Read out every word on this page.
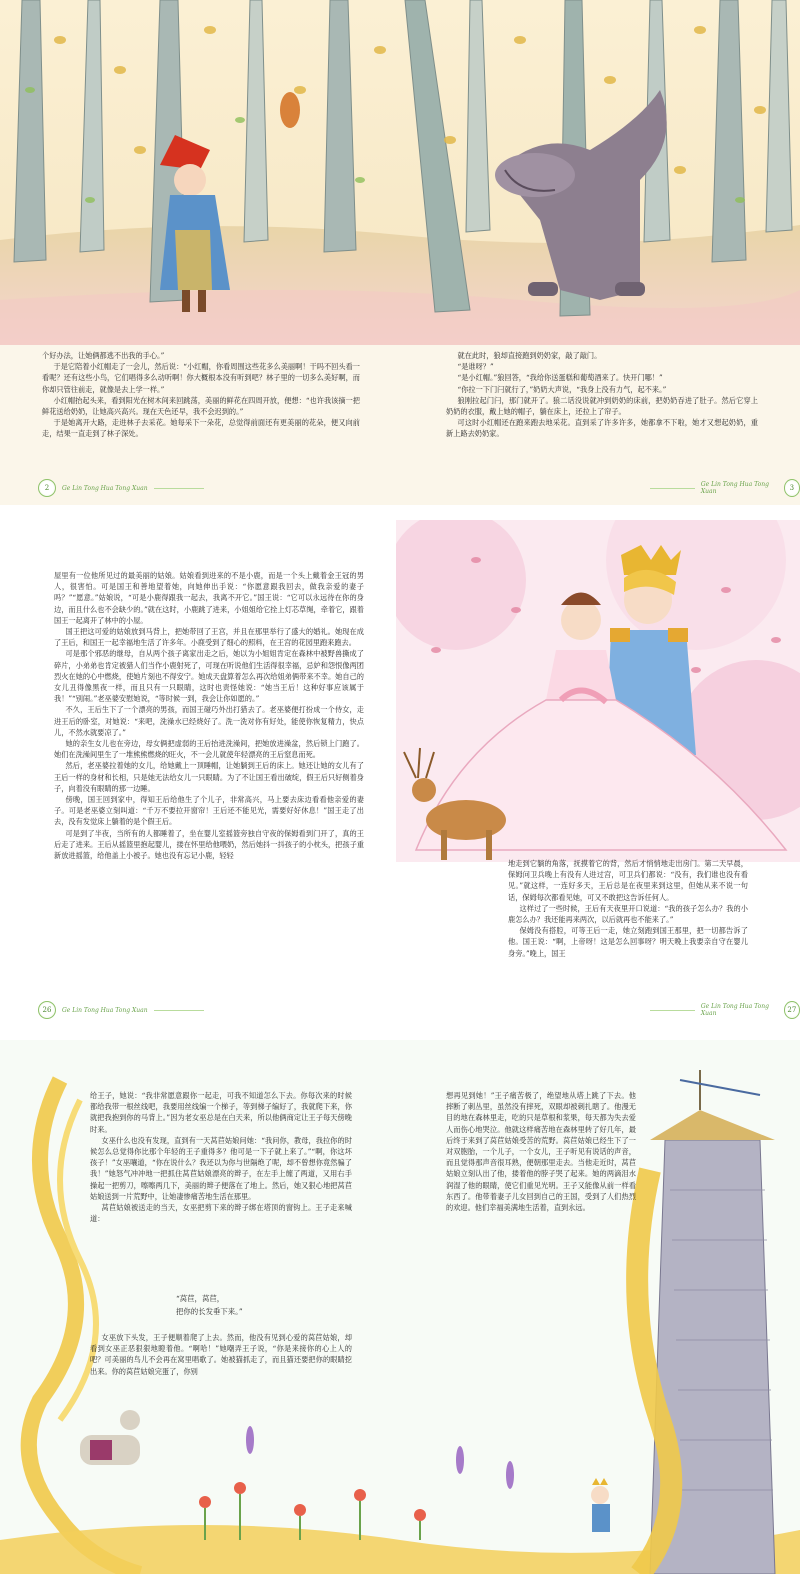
个好办法，让她俩都逃不出我的手心。”

于是它陪着小红帽走了一会儿，然后说：“小红帽，你看周围这些花多么美丽啊！干吗不回头看一看呢？还有这些小鸟，它们唱得多么动听啊！你大概根本没有听到吧？林子里的一切多么美好啊，而你却只管往前走，就像是去上学一样。”

小红帽抬起头来，看到阳光在树木间来回跳荡，美丽的鲜花在四周开放，便想：“也许我该摘一把鲜花送给奶奶，让她高兴高兴。现在天色还早，我不会迟到的。”

于是她离开大路，走进林子去采花。她每采下一朵花，总觉得前面还有更美丽的花朵，便又向前走，结果一直走到了林子深处。

就在此时，狼却直接跑到奶奶家，敲了敲门。

“是谁呀？”

“是小红帽。”狼回答，“我给你送蛋糕和葡萄酒来了。快开门哪！”

“你拉一下门闩就行了，”奶奶大声说，“我身上没有力气，起不来。”

狼刚拉起门闩，那门就开了。狼二话没说就冲到奶奶的床前，把奶奶吞进了肚子。然后它穿上奶奶的衣服，戴上她的帽子，躺在床上，还拉上了帘子。

可这时小红帽还在跑来跑去地采花。直到采了许多许多，她都拿不下啦，她才又想起奶奶，重新上路去奶奶家。

2	Ge Lin Tong Hua Tong Xuan	Ge Lin Tong Hua Tong Xuan	3

屋里有一位他所见过的最美丽的姑娘。姑娘看到进来的不是小鹿，而是一个头上戴着金王冠的男人，很害怕。可是国王和善地望着她，向她伸出手说：“你愿意跟我回去，做我亲爱的妻子吗？”“愿意。”姑娘说，“可是小鹿得跟我一起去，我离不开它。”国王说：“它可以永远待在你的身边，而且什么也不会缺少的。”就在这时，小鹿跳了进来，小姐姐给它拴上灯芯草绳，牵着它，跟着国王一起离开了林中的小屋。

国王把这可爱的姑娘放到马背上，把她带回了王宫，并且在那里举行了盛大的婚礼。她现在成了王后，和国王一起幸福地生活了许多年。小鹿受到了细心的照料，在王宫的花园里跑来跑去。

可是那个邪恶的继母，自从两个孩子离家出走之后，她以为小姐姐肯定在森林中被野兽撕成了碎片，小弟弟也肯定被猎人们当作小鹿射死了，可现在听说他们生活得很幸福，忌妒和怨恨像两团烈火在她的心中燃烧，使她片刻也不得安宁。她成天盘算着怎么再次给姐弟俩带来不幸。她自己的女儿丑得像黑夜一样，而且只有一只眼睛，这时也责怪她说：“她当王后！这种好事应该属于我！”“别闹。”老巫婆安慰她说，“等时候一到，我会让你如愿的。”

不久，王后生下了一个漂亮的男孩，而国王碰巧外出打猎去了。老巫婆便打扮成一个侍女，走进王后的卧室，对她说：“来吧，洗澡水已经烧好了。洗一洗对你有好处，能使你恢复精力，快点儿，不然水就要凉了。”

她的亲生女儿也在旁边，母女俩把虚弱的王后抬进洗澡间，把她放进澡盆，然后锁上门跑了。她们在洗澡间里生了一堆熊熊燃烧的旺火，不一会儿就使年轻漂亮的王后窒息而死。

然后，老巫婆拉着她的女儿，给她戴上一顶睡帽，让她躺到王后的床上。她还让她的女儿有了王后一样的身材和长相，只是她无法给女儿一只眼睛。为了不让国王看出破绽，假王后只好侧着身子，向着没有眼睛的那一边睡。

傍晚，国王回到家中，得知王后给他生了个儿子，非常高兴，马上要去床边看看他亲爱的妻子。可是老巫婆立刻叫道：“千万不要拉开窗帘！王后还不能见光，需要好好休息！”国王走了出去，没有发觉床上躺着的是个假王后。

可是到了半夜，当所有的人都睡着了，坐在婴儿室摇篮旁独自守夜的保姆看到门开了，真的王后走了进来。王后从摇篮里抱起婴儿，搂在怀里给他喂奶，然后她抖一抖孩子的小枕头，把孩子重新放进摇篮，给他盖上小被子。她也没有忘记小鹿，轻轻

地走到它躺的角落，抚摸着它的背，然后才悄悄地走出房门。第二天早晨，保姆问卫兵晚上有没有人进过宫，可卫兵们都说：“没有，我们谁也没有看见。”就这样，一连好多天，王后总是在夜里来到这里，但她从来不说一句话，保姆每次都看见她，可又不敢把这告诉任何人。

这样过了一些时候，王后有天夜里开口说道：“我的孩子怎么办？我的小鹿怎么办？我还能再来两次，以后就再也不能来了。”

保姆没有搭腔，可等王后一走，她立刻跑到国王那里，把一切都告诉了他。国王说：“啊，上帝呀！这是怎么回事呀？明天晚上我要亲自守在婴儿身旁。”晚上，国王

26	Ge Lin Tong Hua Tong Xuan	Ge Lin Tong Hua Tong Xuan	27

给王子，她说：“我非常愿意跟你一起走，可我不知道怎么下去。你每次来的时候都给我带一根丝线吧，我要用丝线编一个梯子，等到梯子编好了，我就爬下来，你就把我抱到你的马背上。”因为老女巫总是在白天来，所以他俩商定让王子每天傍晚时来。

女巫什么也没有发现，直到有一天莴苣姑娘问她：“我问你，教母，我拉你的时候怎么总觉得你比那个年轻的王子重得多？他可是一下子就上来了。”“啊，你这坏孩子！”女巫嚷道，“你在说什么？我还以为你与世隔绝了呢，却不曾想你竟然骗了我！”她怒气冲冲地一把抓住莴苣姑娘漂亮的辫子，在左手上缠了两道，又用右手操起一把剪刀，嚓嚓两几下，美丽的辫子便落在了地上。然后，她又狠心地把莴苣姑娘送到一片荒野中，让她凄惨痛苦地生活在那里。

莴苣姑娘被送走的当天，女巫把剪下来的辫子绑在塔顶的窗钩上。王子走来喊道：

“莴苣，莴苣，
把你的长发垂下来。”

女巫放下头发，王子便顺着爬了上去。然而，他没有见到心爱的莴苣姑娘，却看到女巫正恶狠狠地瞪着他。“啊哈！”她嘲弄王子说，“你是来接你的心上人的吧？可美丽的鸟儿不会再在窝里唱歌了。她被猫抓走了，而且猫还要把你的眼睛挖出来。你的莴苣姑娘完蛋了，你别

想再见到她！”王子痛苦极了，绝望地从塔上跳了下去。他摔断了刺丛里，虽然没有摔死，双眼却被刺扎瞎了。他漫无目的地在森林里走，吃的只是草根和浆果，每天都为失去爱人而伤心地哭泣。他就这样痛苦地在森林里转了好几年，最后终于来到了莴苣姑娘受苦的荒野。莴苣姑娘已经生下了一对双胞胎，一个儿子，一个女儿，王子听见有说话的声音，而且觉得那声音很耳熟，便朝那里走去。当他走近时，莴苣姑娘立刻认出了他，搂着他的脖子哭了起来。她的两滴泪水润湿了他的眼睛，使它们重见光明。王子又能像从前一样看东西了。他带着妻子儿女回到自己的王国，受到了人们热烈的欢迎。他们幸福美满地生活着，直到永远。
